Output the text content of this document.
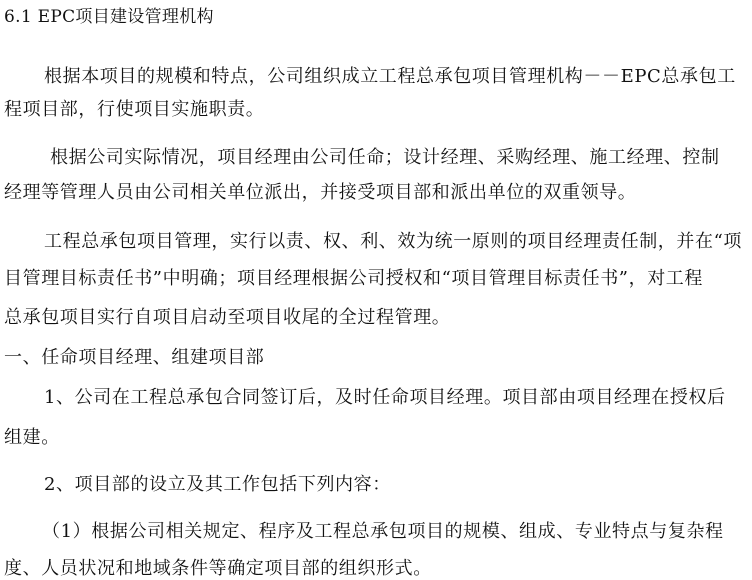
6.1 EPC项目建设管理机构
根据本项目的规模和特点，公司组织成立工程总承包项目管理机构－－EPC总承包工
程项目部，行使项目实施职责。
根据公司实际情况，项目经理由公司任命；设计经理、采购经理、施工经理、控制
经理等管理人员由公司相关单位派出，并接受项目部和派出单位的双重领导。
工程总承包项目管理，实行以责、权、利、效为统一原则的项目经理责任制，并在“项
目管理目标责任书”中明确；项目经理根据公司授权和“项目管理目标责任书”，对工程
总承包项目实行自项目启动至项目收尾的全过程管理。
一、任命项目经理、组建项目部
1、公司在工程总承包合同签订后，及时任命项目经理。项目部由项目经理在授权后
组建。
2、项目部的设立及其工作包括下列内容：
（1）根据公司相关规定、程序及工程总承包项目的规模、组成、专业特点与复杂程
度、人员状况和地域条件等确定项目部的组织形式。
